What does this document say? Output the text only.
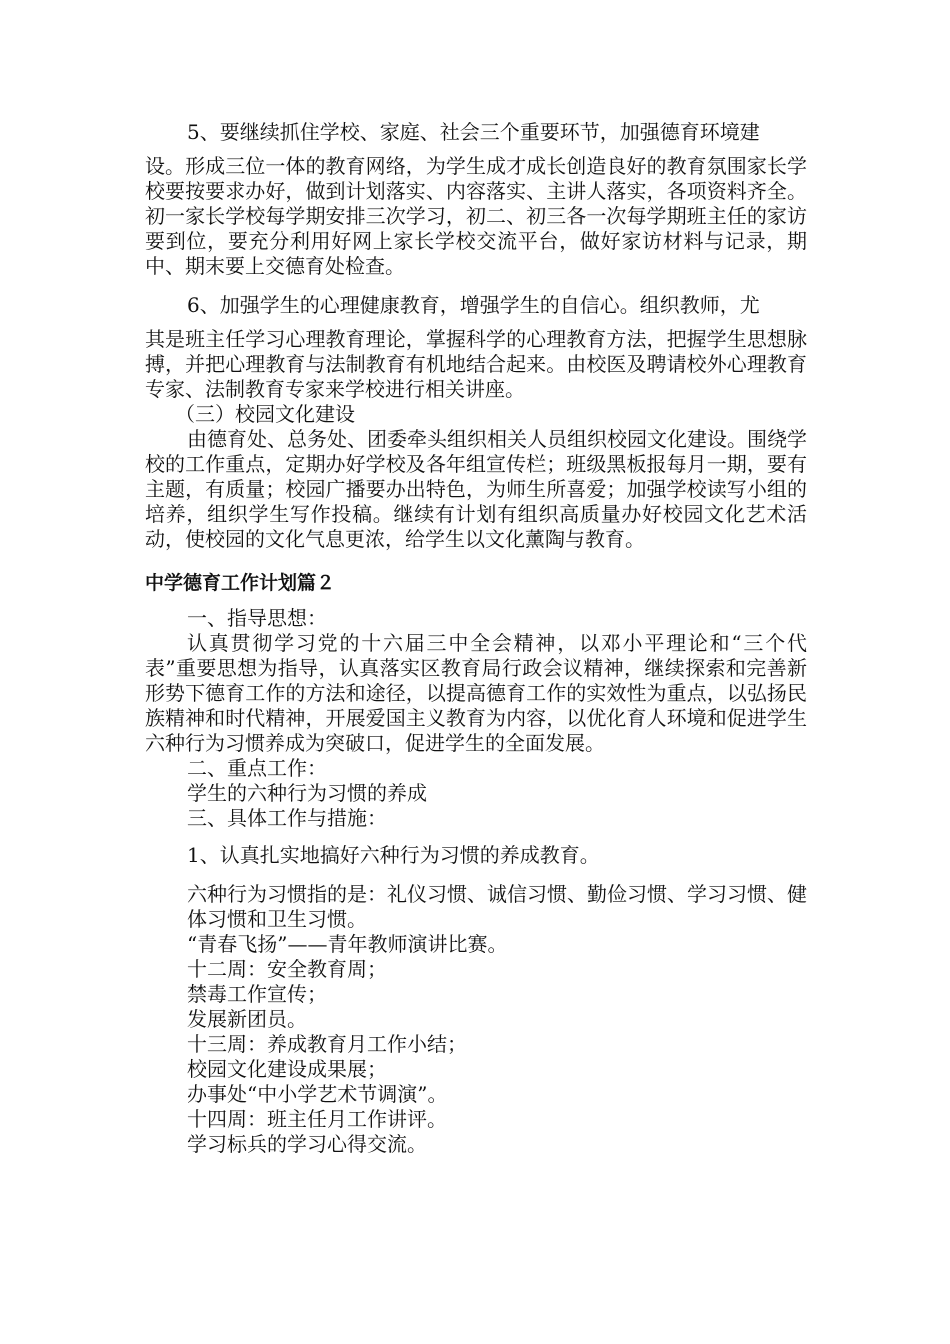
5、要继续抓住学校、家庭、社会三个重要环节，加强德育环境建

设。形成三位一体的教育网络，为学生成才成长创造良好的教育氛围家长学校要按要求办好，做到计划落实、内容落实、主讲人落实，各项资料齐全。初一家长学校每学期安排三次学习，初二、初三各一次每学期班主任的家访要到位，要充分利用好网上家长学校交流平台，做好家访材料与记录，期中、期末要上交德育处检查。

6、加强学生的心理健康教育，增强学生的自信心。组织教师，尤

其是班主任学习心理教育理论，掌握科学的心理教育方法，把握学生思想脉搏，并把心理教育与法制教育有机地结合起来。由校医及聘请校外心理教育专家、法制教育专家来学校进行相关讲座。

（三）校园文化建设

由德育处、总务处、团委牵头组织相关人员组织校园文化建设。围绕学校的工作重点，定期办好学校及各年组宣传栏；班级黑板报每月一期，要有主题，有质量；校园广播要办出特色，为师生所喜爱；加强学校读写小组的培养，组织学生写作投稿。继续有计划有组织高质量办好校园文化艺术活动，使校园的文化气息更浓，给学生以文化薰陶与教育。

中学德育工作计划篇２

一、指导思想：

认真贯彻学习党的十六届三中全会精神，以邓小平理论和“三个代表”重要思想为指导，认真落实区教育局行政会议精神，继续探索和完善新形势下德育工作的方法和途径，以提高德育工作的实效性为重点，以弘扬民族精神和时代精神，开展爱国主义教育为内容，以优化育人环境和促进学生六种行为习惯养成为突破口，促进学生的全面发展。

二、重点工作：

学生的六种行为习惯的养成

三、具体工作与措施：

1、认真扎实地搞好六种行为习惯的养成教育。

六种行为习惯指的是：礼仪习惯、诚信习惯、勤俭习惯、学习习惯、健体习惯和卫生习惯。

“青春飞扬”——青年教师演讲比赛。

十二周：安全教育周；

禁毒工作宣传；

发展新团员。

十三周：养成教育月工作小结；

校园文化建设成果展；

办事处“中小学艺术节调演”。

十四周：班主任月工作讲评。

学习标兵的学习心得交流。
